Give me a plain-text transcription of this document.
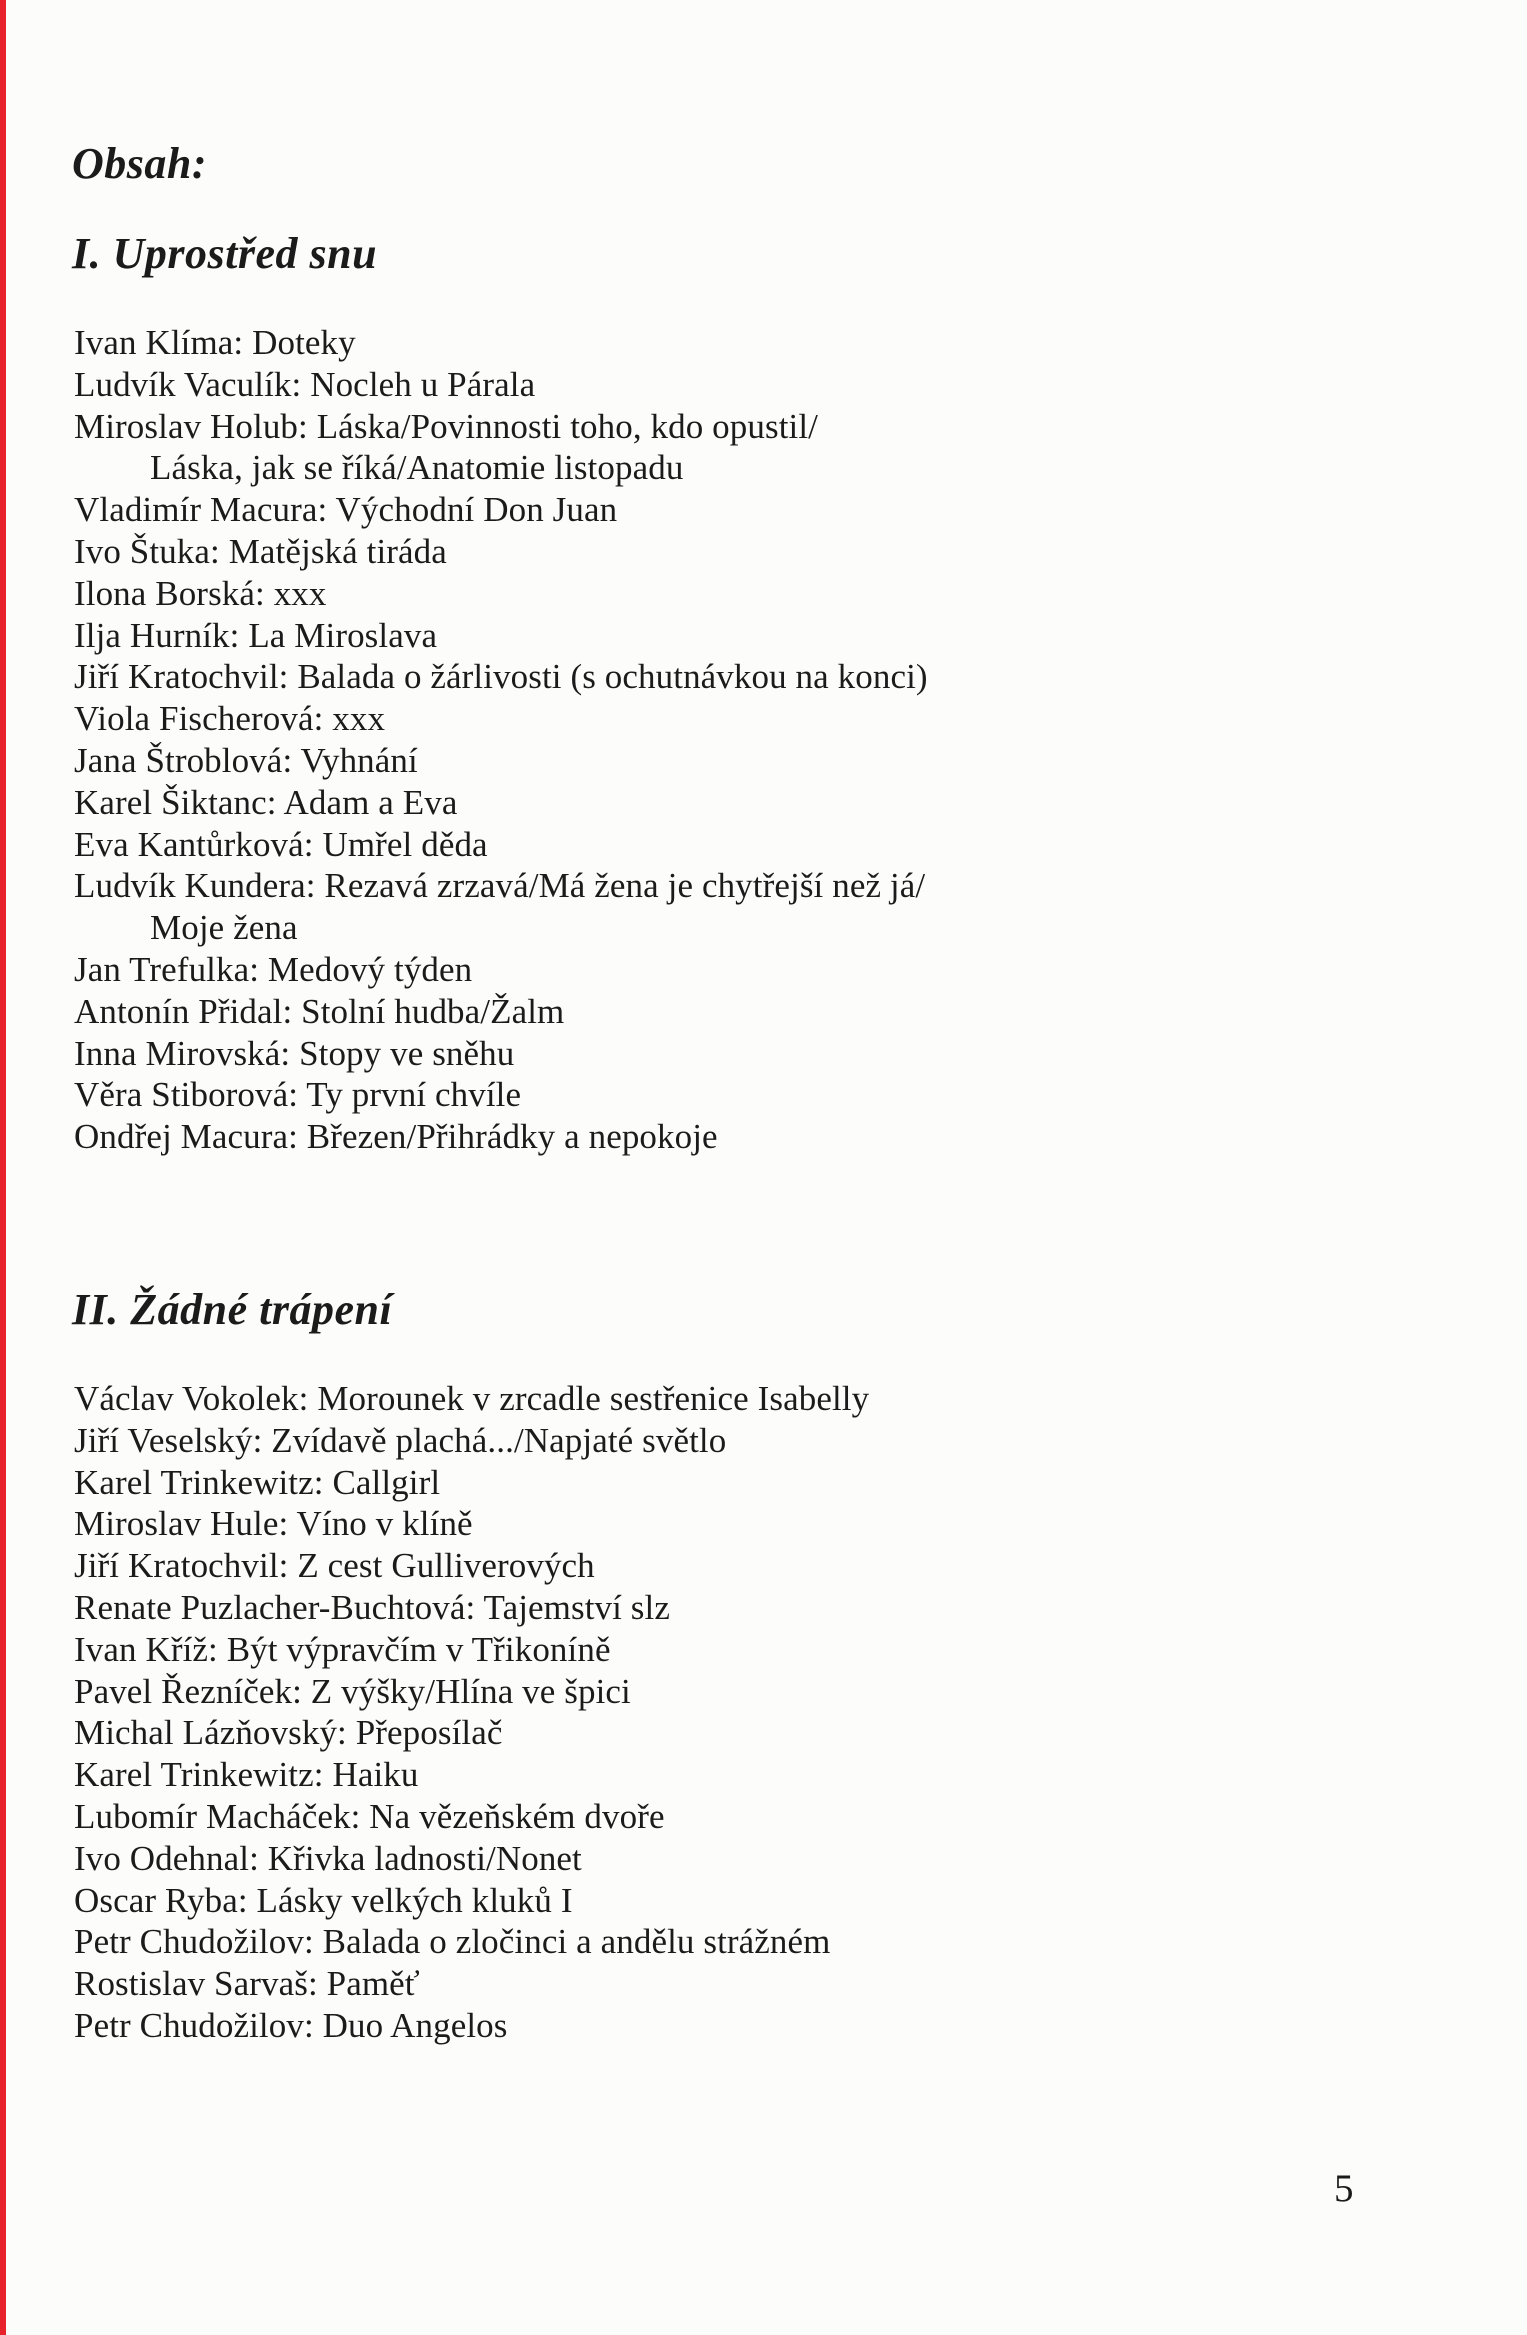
Obsah:
I. Uprostřed snu
Ivan Klíma: Doteky
Ludvík Vaculík: Nocleh u Párala
Miroslav Holub: Láska/Povinnosti toho, kdo opustil/
Láska, jak se říká/Anatomie listopadu
Vladimír Macura: Východní Don Juan
Ivo Štuka: Matějská tiráda
Ilona Borská: xxx
Ilja Hurník: La Miroslava
Jiří Kratochvil: Balada o žárlivosti (s ochutnávkou na konci)
Viola Fischerová: xxx
Jana Štroblová: Vyhnání
Karel Šiktanc: Adam a Eva
Eva Kantůrková: Umřel děda
Ludvík Kundera: Rezavá zrzavá/Má žena je chytřejší než já/
Moje žena
Jan Trefulka: Medový týden
Antonín Přidal: Stolní hudba/Žalm
Inna Mirovská: Stopy ve sněhu
Věra Stiborová: Ty první chvíle
Ondřej Macura: Březen/Přihrádky a nepokoje
II. Žádné trápení
Václav Vokolek: Morounek v zrcadle sestřenice Isabelly
Jiří Veselský: Zvídavě plachá.../Napjaté světlo
Karel Trinkewitz: Callgirl
Miroslav Hule: Víno v klíně
Jiří Kratochvil: Z cest Gulliverových
Renate Puzlacher-Buchtová: Tajemství slz
Ivan Kříž: Být výpravčím v Třikoníně
Pavel Řezníček: Z výšky/Hlína ve špici
Michal Lázňovský: Přeposílač
Karel Trinkewitz: Haiku
Lubomír Macháček: Na vězeňském dvoře
Ivo Odehnal: Křivka ladnosti/Nonet
Oscar Ryba: Lásky velkých kluků I
Petr Chudožilov: Balada o zločinci a andělu strážném
Rostislav Sarvaš: Paměť
Petr Chudožilov: Duo Angelos
5
